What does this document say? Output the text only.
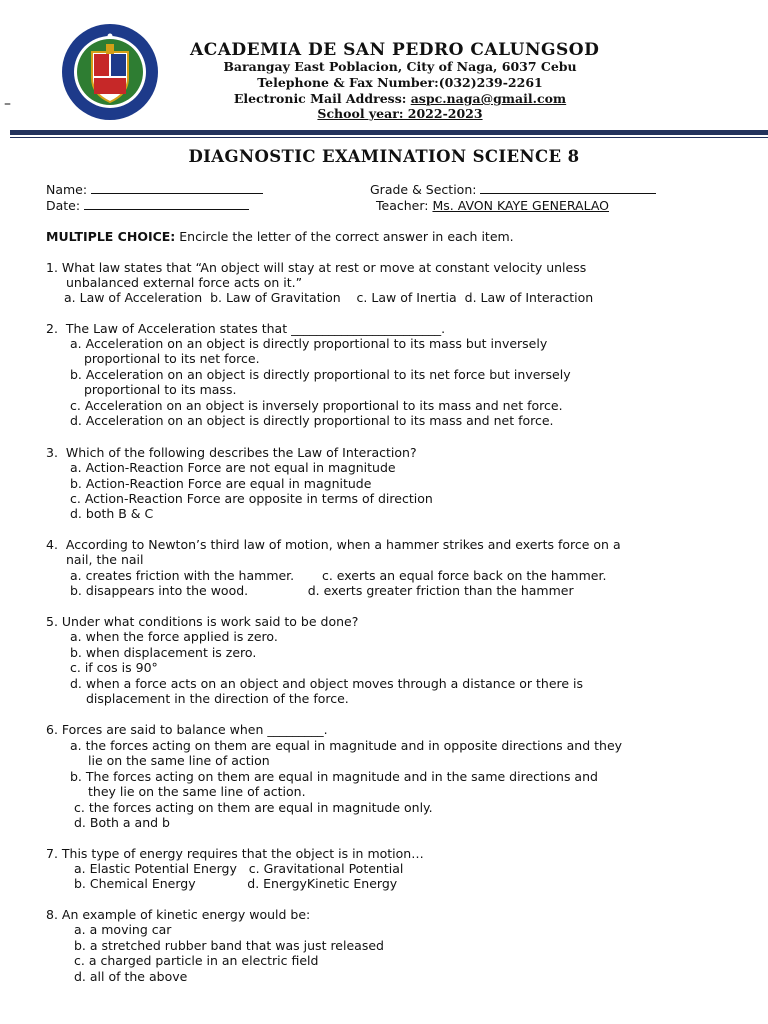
ACADEMIA DE SAN PEDRO CALUNGSOD
Barangay East Poblacion, City of Naga, 6037 Cebu
Telephone & Fax Number:(032)239-2261
Electronic Mail Address: aspc.naga@gmail.com
School year: 2022-2023
–
DIAGNOSTIC EXAMINATION SCIENCE 8
Name:
Date:
Grade & Section:
Teacher: Ms. AVON KAYE GENERALAO
MULTIPLE CHOICE: Encircle the letter of the correct answer in each item.
1. What law states that “An object will stay at rest or move at constant velocity unless
unbalanced external force acts on it.”
a. Law of Acceleration  b. Law of Gravitation    c. Law of Inertia  d. Law of Interaction
2.  The Law of Acceleration states that ________________________.
a. Acceleration on an object is directly proportional to its mass but inversely
proportional to its net force.
b. Acceleration on an object is directly proportional to its net force but inversely
proportional to its mass.
c. Acceleration on an object is inversely proportional to its mass and net force.
d. Acceleration on an object is directly proportional to its mass and net force.
3.  Which of the following describes the Law of Interaction?
a. Action-Reaction Force are not equal in magnitude
b. Action-Reaction Force are equal in magnitude
c. Action-Reaction Force are opposite in terms of direction
d. both B & C
4.  According to Newton’s third law of motion, when a hammer strikes and exerts force on a
nail, the nail
a. creates friction with the hammer.       c. exerts an equal force back on the hammer.
b. disappears into the wood.               d. exerts greater friction than the hammer
5. Under what conditions is work said to be done?
a. when the force applied is zero.
b. when displacement is zero.
c. if cos is 90°
d. when a force acts on an object and object moves through a distance or there is
displacement in the direction of the force.
6. Forces are said to balance when _________.
a. the forces acting on them are equal in magnitude and in opposite directions and they
lie on the same line of action
b. The forces acting on them are equal in magnitude and in the same directions and
they lie on the same line of action.
c. the forces acting on them are equal in magnitude only.
d. Both a and b
7. This type of energy requires that the object is in motion…
a. Elastic Potential Energy   c. Gravitational Potential
b. Chemical Energy             d. EnergyKinetic Energy
8. An example of kinetic energy would be:
a. a moving car
b. a stretched rubber band that was just released
c. a charged particle in an electric field
d. all of the above
